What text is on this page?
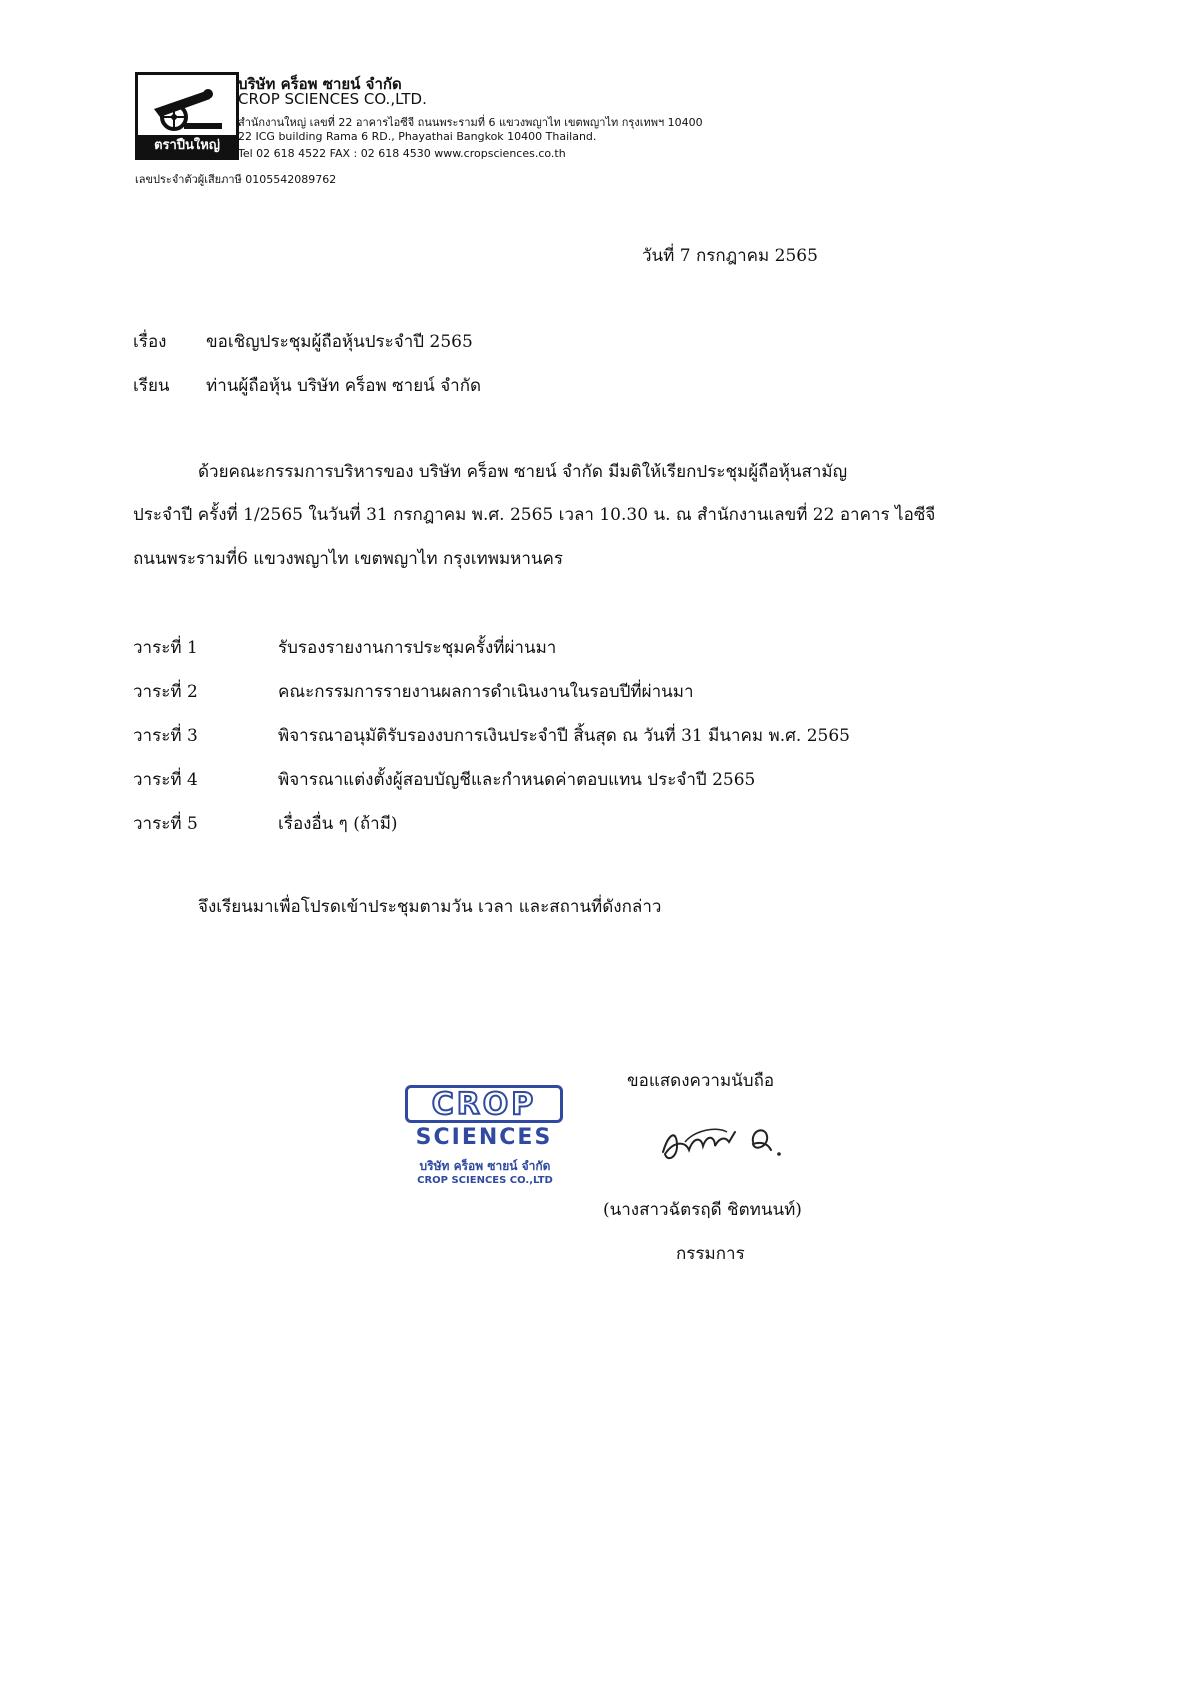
ตราปืนใหญ่
บริษัท คร็อพ ซายน์ จำกัด
CROP SCIENCES CO.,LTD.
สำนักงานใหญ่ เลขที่ 22 อาคารไอซีจี ถนนพระรามที่ 6 แขวงพญาไท เขตพญาไท กรุงเทพฯ 10400
22 ICG building Rama 6 RD., Phayathai Bangkok 10400 Thailand.
Tel 02 618 4522 FAX : 02 618 4530 www.cropsciences.co.th
เลขประจำตัวผู้เสียภาษี 0105542089762
วันที่ 7 กรกฎาคม 2565
เรื่อง ขอเชิญประชุมผู้ถือหุ้นประจำปี 2565
เรียน ท่านผู้ถือหุ้น บริษัท คร็อพ ซายน์ จำกัด
ด้วยคณะกรรมการบริหารของ บริษัท คร็อพ ซายน์ จำกัด มีมติให้เรียกประชุมผู้ถือหุ้นสามัญ
ประจำปี ครั้งที่ 1/2565 ในวันที่ 31 กรกฎาคม พ.ศ. 2565 เวลา 10.30 น. ณ สำนักงานเลขที่ 22 อาคาร ไอซีจี
ถนนพระรามที่6 แขวงพญาไท เขตพญาไท กรุงเทพมหานคร
วาระที่ 1	รับรองรายงานการประชุมครั้งที่ผ่านมา
วาระที่ 2	คณะกรรมการรายงานผลการดำเนินงานในรอบปีที่ผ่านมา
วาระที่ 3	พิจารณาอนุมัติรับรองงบการเงินประจำปี สิ้นสุด ณ วันที่ 31 มีนาคม พ.ศ. 2565
วาระที่ 4	พิจารณาแต่งตั้งผู้สอบบัญชีและกำหนดค่าตอบแทน ประจำปี 2565
วาระที่ 5	เรื่องอื่น ๆ (ถ้ามี)
จึงเรียนมาเพื่อโปรดเข้าประชุมตามวัน เวลา และสถานที่ดังกล่าว
ขอแสดงความนับถือ
CROP
SCIENCES
บริษัท คร็อพ ซายน์ จำกัด
CROP SCIENCES CO.,LTD
(นางสาวฉัตรฤดี ชิตทนนท์)
กรรมการ
